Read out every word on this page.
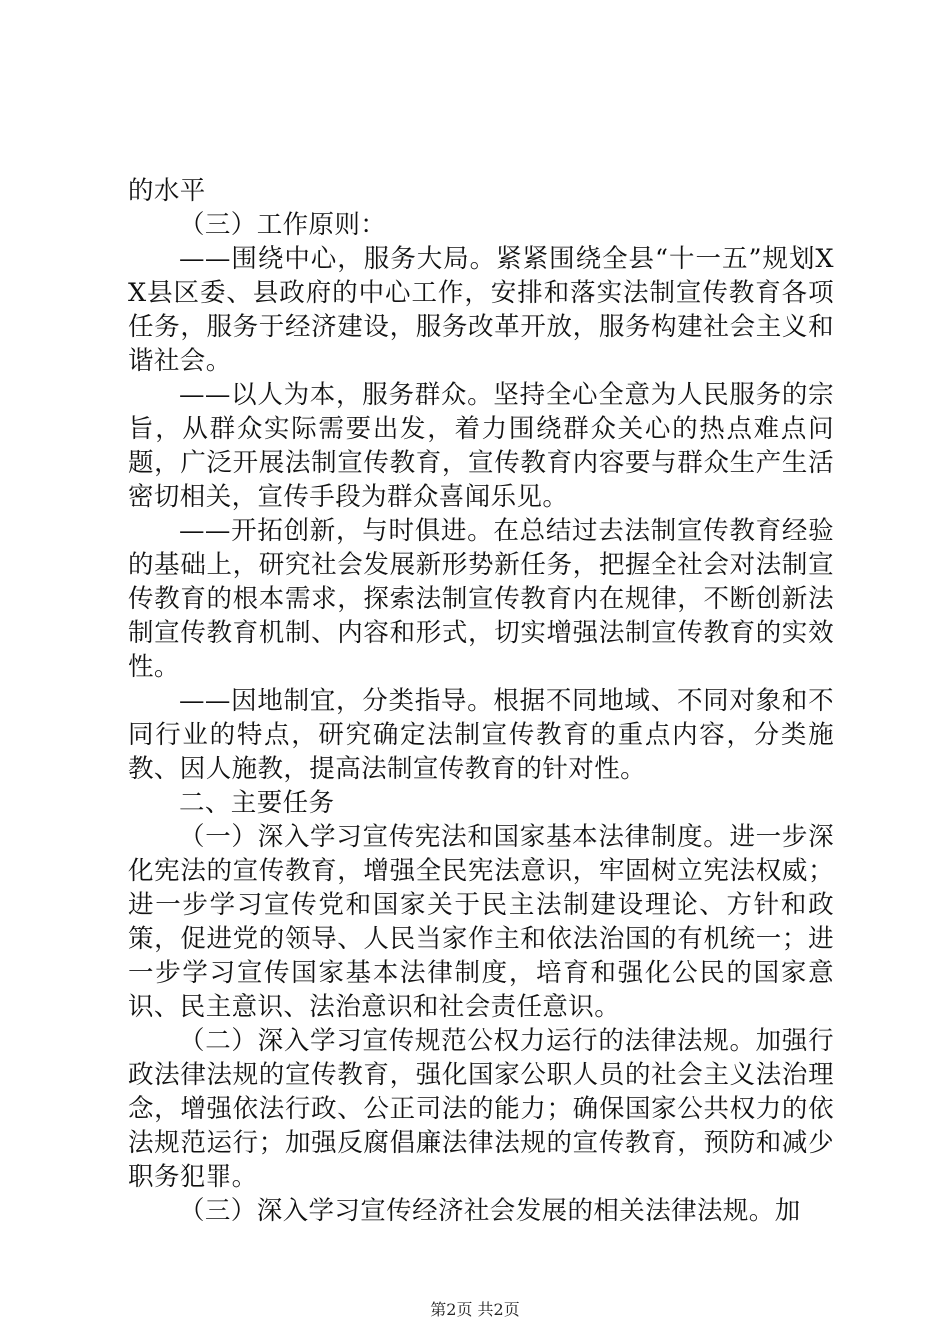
的水平

（三）工作原则：

——围绕中心，服务大局。紧紧围绕全县“十一五”规划XX县区委、县政府的中心工作，安排和落实法制宣传教育各项任务，服务于经济建设，服务改革开放，服务构建社会主义和谐社会。

——以人为本，服务群众。坚持全心全意为人民服务的宗旨，从群众实际需要出发，着力围绕群众关心的热点难点问题，广泛开展法制宣传教育，宣传教育内容要与群众生产生活密切相关，宣传手段为群众喜闻乐见。

——开拓创新，与时俱进。在总结过去法制宣传教育经验的基础上，研究社会发展新形势新任务，把握全社会对法制宣传教育的根本需求，探索法制宣传教育内在规律，不断创新法制宣传教育机制、内容和形式，切实增强法制宣传教育的实效性。

——因地制宜，分类指导。根据不同地域、不同对象和不同行业的特点，研究确定法制宣传教育的重点内容，分类施教、因人施教，提高法制宣传教育的针对性。

二、主要任务

（一）深入学习宣传宪法和国家基本法律制度。进一步深化宪法的宣传教育，增强全民宪法意识，牢固树立宪法权威；进一步学习宣传党和国家关于民主法制建设理论、方针和政策，促进党的领导、人民当家作主和依法治国的有机统一；进一步学习宣传国家基本法律制度，培育和强化公民的国家意识、民主意识、法治意识和社会责任意识。

（二）深入学习宣传规范公权力运行的法律法规。加强行政法律法规的宣传教育，强化国家公职人员的社会主义法治理念，增强依法行政、公正司法的能力；确保国家公共权力的依法规范运行；加强反腐倡廉法律法规的宣传教育，预防和减少职务犯罪。

（三）深入学习宣传经济社会发展的相关法律法规。加

第2页 共2页
